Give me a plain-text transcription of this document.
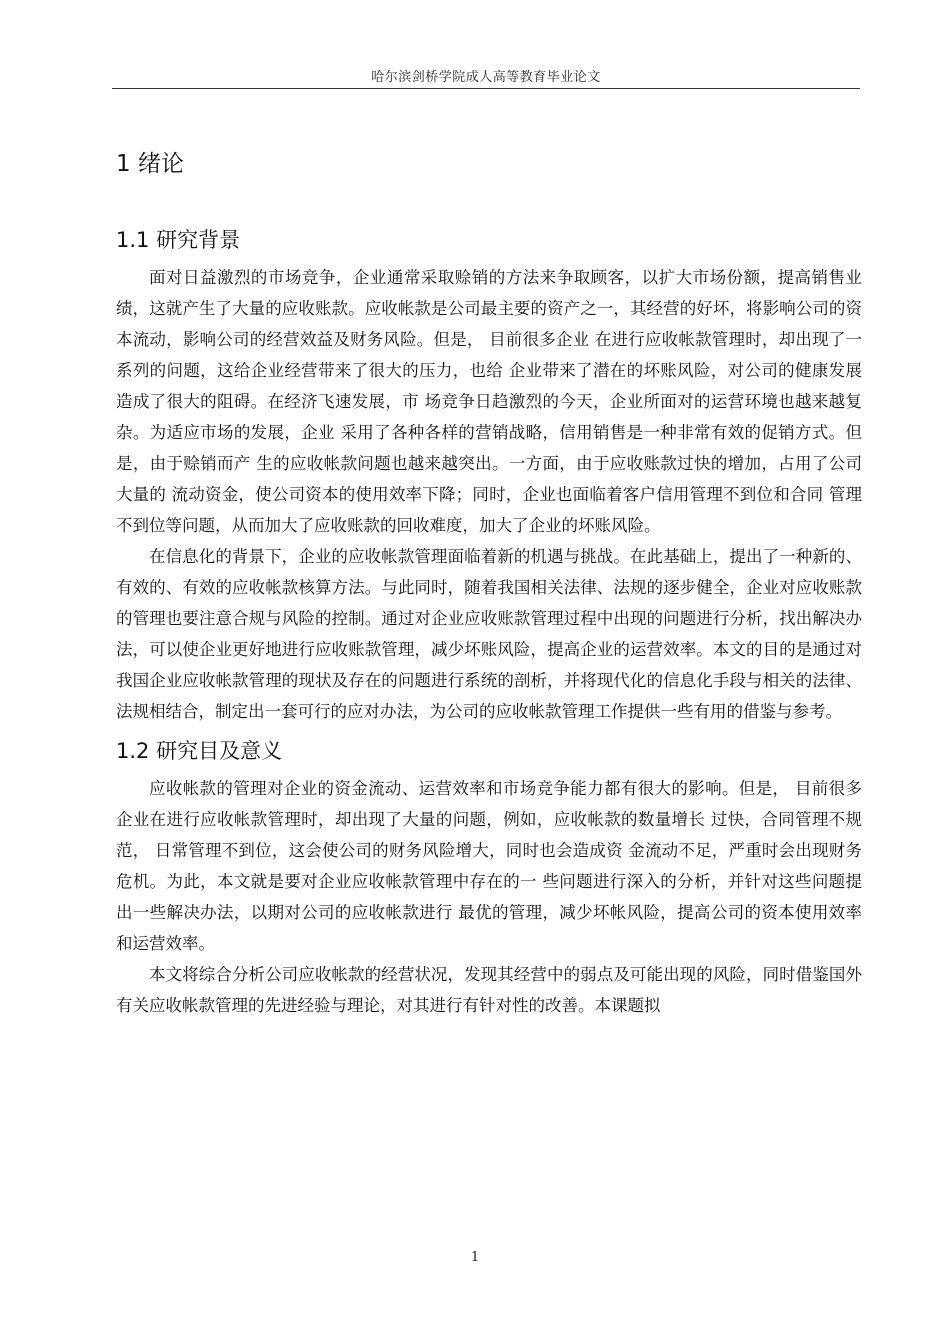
哈尔滨剑桥学院成人高等教育毕业论文
1 绪论
1.1 研究背景

面对日益激烈的市场竞争，企业通常采取赊销的方法来争取顾客，以扩大市场份额，提高销售业绩，这就产生了大量的应收账款。应收帐款是公司最主要的资产之一，其经营的好坏，将影响公司的资本流动，影响公司的经营效益及财务风险。但是， 目前很多企业 在进行应收帐款管理时，却出现了一系列的问题，这给企业经营带来了很大的压力，也给 企业带来了潜在的坏账风险，对公司的健康发展造成了很大的阻碍。在经济飞速发展，市 场竞争日趋激烈的今天，企业所面对的运营环境也越来越复杂。为适应市场的发展，企业 采用了各种各样的营销战略，信用销售是一种非常有效的促销方式。但是，由于赊销而产 生的应收帐款问题也越来越突出。一方面，由于应收账款过快的增加，占用了公司大量的 流动资金，使公司资本的使用效率下降；同时，企业也面临着客户信用管理不到位和合同 管理不到位等问题，从而加大了应收账款的回收难度，加大了企业的坏账风险。

在信息化的背景下，企业的应收帐款管理面临着新的机遇与挑战。在此基础上，提出了一种新的、有效的、有效的应收帐款核算方法。与此同时，随着我国相关法律、法规的逐步健全，企业对应收账款的管理也要注意合规与风险的控制。通过对企业应收账款管理过程中出现的问题进行分析，找出解决办法，可以使企业更好地进行应收账款管理，减少坏账风险，提高企业的运营效率。本文的目的是通过对我国企业应收帐款管理的现状及存在的问题进行系统的剖析，并将现代化的信息化手段与相关的法律、法规相结合，制定出一套可行的应对办法，为公司的应收帐款管理工作提供一些有用的借鉴与参考。

1.2 研究目及意义

应收帐款的管理对企业的资金流动、运营效率和市场竞争能力都有很大的影响。但是， 目前很多企业在进行应收帐款管理时，却出现了大量的问题，例如，应收帐款的数量增长 过快，合同管理不规范， 日常管理不到位，这会使公司的财务风险增大，同时也会造成资 金流动不足，严重时会出现财务危机。为此，本文就是要对企业应收帐款管理中存在的一 些问题进行深入的分析，并针对这些问题提出一些解决办法，以期对公司的应收帐款进行 最优的管理，减少坏帐风险，提高公司的资本使用效率和运营效率。

本文将综合分析公司应收帐款的经营状况，发现其经营中的弱点及可能出现的风险，同时借鉴国外有关应收帐款管理的先进经验与理论，对其进行有针对性的改善。本课题拟

1
